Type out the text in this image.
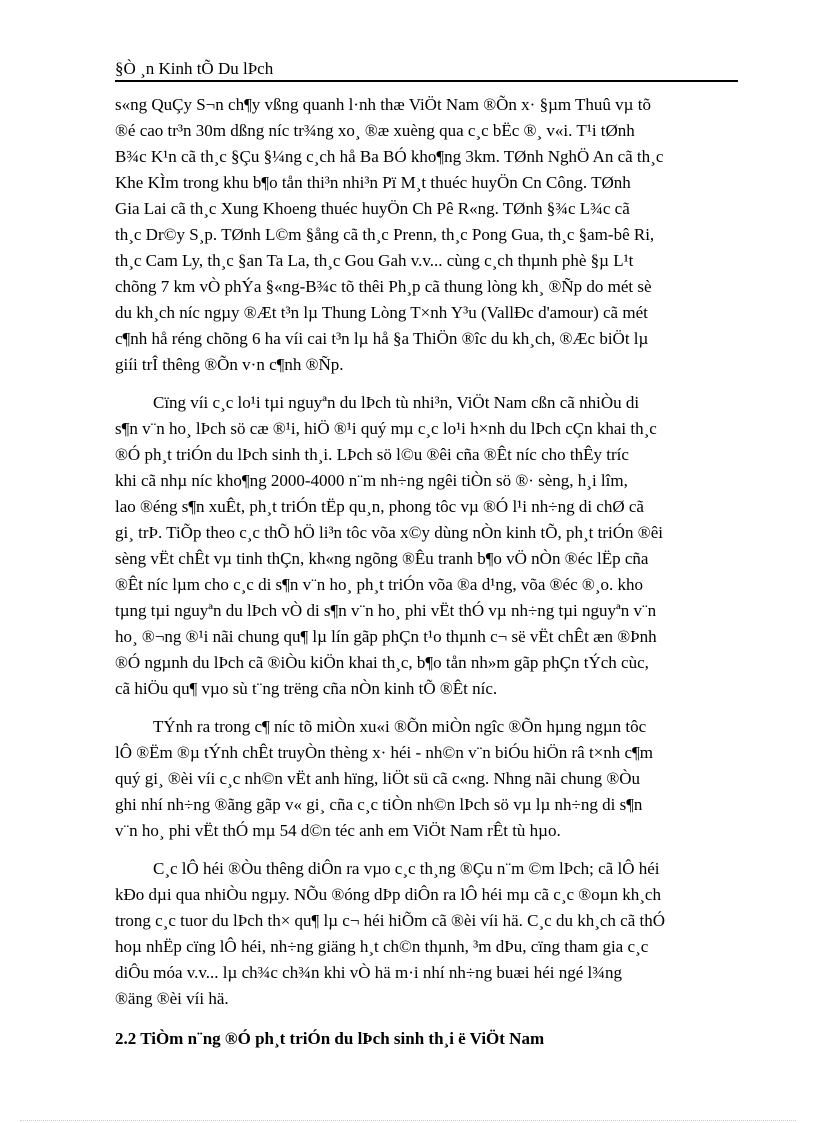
§Ò ¸n Kinh tÕ Du lÞch
s«ng QuÇy S¬n ch¶y vßng quanh l·nh thæ ViÖt Nam ®Õn x· §µm Thuû vµ tõ
®é cao tr³n 30m dßng níc tr¾ng xo¸ ®æ xuèng qua c¸c bËc ®¸ v«i. T¹i tØnh
B¾c K¹n cã th¸c §Çu §¼ng c¸ch hå Ba BÓ kho¶ng 3km. TØnh NghÖ An cã th¸c
Khe KÌm trong khu b¶o tån thi³n nhi³n Pï M¸t thuéc huyÖn Cn Công. TØnh
Gia Lai cã th¸c Xung Khoeng thuéc huyÖn Ch Pê R«ng. TØnh §¾c L¾c cã
th¸c Dr©y S¸p. TØnh L©m §ång cã th¸c Prenn, th¸c Pong Gua, th¸c §am-bê Ri,
th¸c Cam Ly, th¸c §an Ta La, th¸c Gou Gah v.v... cùng c¸ch thµnh phè §µ L¹t
chõng 7 km vÒ phÝa §«ng-B¾c tõ thêi Ph¸p cã thung lòng kh¸ ®Ñp do mét sè
du kh¸ch níc ngµy ®Æt t³n lµ Thung Lòng T×nh Y³u (VallÐc d'amour) cã mét
c¶nh hå réng chõng 6 ha víi cai t³n lµ hå §a ThiÖn ®îc du kh¸ch, ®Æc biÖt lµ
giíi trÎ thêng ®Õn v·n c¶nh ®Ñp.
Cïng víi c¸c lo¹i tµi nguyªn du lÞch tù nhi³n, ViÖt Nam cßn cã nhiÒu di
s¶n v¨n ho¸ lÞch sö cæ ®¹i, hiÖ ®¹i quý mµ c¸c lo¹i h×nh du lÞch cÇn khai th¸c
®Ó ph¸t triÓn du lÞch sinh th¸i. LÞch sö l©u ®êi cña ®Êt níc cho thÊy tríc
khi cã nhµ níc kho¶ng 2000-4000 n¨m nh÷ng ngêi tiÒn sö ®· sèng, h¸i lîm,
lao ®éng s¶n xuÊt, ph¸t triÓn tËp qu¸n, phong tôc vµ ®Ó l¹i nh÷ng di chØ cã
gi¸ trÞ. TiÕp theo c¸c thÕ hÖ li³n tôc võa x©y dùng nÒn kinh tÕ, ph¸t triÓn ®êi
sèng vËt chÊt vµ tinh thÇn, kh«ng ngõng ®Êu tranh b¶o vÖ nÒn ®éc lËp cña
®Êt níc lµm cho c¸c di s¶n v¨n ho¸ ph¸t triÓn võa ®a d¹ng, võa ®éc ®¸o. kho
tµng tµi nguyªn du lÞch vÒ di s¶n v¨n ho¸ phi vËt thÓ vµ nh÷ng tµi nguyªn v¨n
ho¸ ®¬ng ®¹i nãi chung qu¶ lµ lín gãp phÇn t¹o thµnh c¬ së vËt chÊt æn ®Þnh
®Ó ngµnh du lÞch cã ®iÒu kiÖn khai th¸c, b¶o tån nh»m gãp phÇn tÝch cùc,
cã hiÖu qu¶ vµo sù t¨ng trëng cña nÒn kinh tÕ ®Êt níc.
TÝnh ra trong c¶ níc tõ miÒn xu«i ®Õn miÒn ngîc ®Õn hµng ngµn tôc
lÔ ®Ëm ®µ tÝnh chÊt truyÒn thèng x· héi - nh©n v¨n biÓu hiÖn râ t×nh c¶m
quý gi¸ ®èi víi c¸c nh©n vËt anh hïng, liÖt sü cã c«ng. Nhng nãi chung ®Òu
ghi nhí nh÷ng ®ãng gãp v« gi¸ cña c¸c tiÒn nh©n lÞch sö vµ lµ nh÷ng di s¶n
v¨n ho¸ phi vËt thÓ mµ 54 d©n téc anh em ViÖt Nam rÊt tù hµo.
C¸c lÔ héi ®Òu thêng diÔn ra vµo c¸c th¸ng ®Çu n¨m ©m lÞch; cã lÔ héi
kÐo dµi qua nhiÒu ngµy. NÕu ®óng dÞp diÔn ra lÔ héi mµ cã c¸c ®oµn kh¸ch
trong c¸c tuor du lÞch th× qu¶ lµ c¬ héi hiÕm cã ®èi víi hä. C¸c du kh¸ch cã thÓ
hoµ nhËp cïng lÔ héi, nh÷ng giäng h¸t ch©n thµnh, ³m dÞu, cïng tham gia c¸c
diÔu móa v.v... lµ ch¾c ch¾n khi vÒ hä m·i nhí nh÷ng buæi héi ngé l¾ng
®äng ®èi víi hä.
2.2 TiÒm n¨ng ®Ó ph¸t triÓn du lÞch sinh th¸i ë ViÖt Nam
